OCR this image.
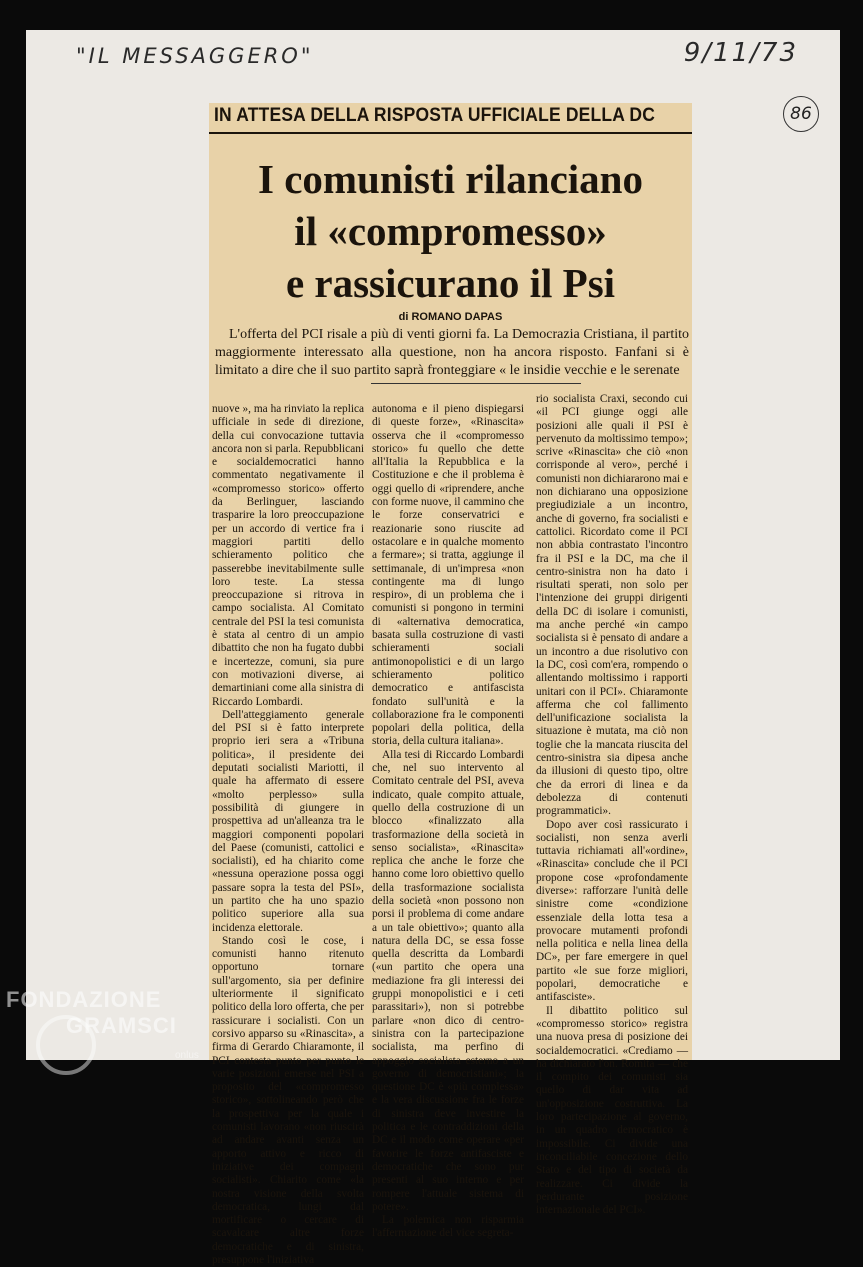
"IL MESSAGGERO"	9/11/73
86
IN ATTESA DELLA RISPOSTA UFFICIALE DELLA DC
I comunisti rilanciano
il «compromesso»
e rassicurano il Psi
di ROMANO DAPAS
L'offerta del PCI risale a più di venti giorni fa. La Democrazia Cristiana, il partito maggiormente interessato alla questione, non ha ancora risposto. Fanfani si è limitato a dire che il suo partito saprà fronteggiare « le insidie vecchie e le serenate

nuove », ma ha rinviato la replica ufficiale in sede di direzione, della cui convocazione tuttavia ancora non si parla. Repubblicani e socialdemocratici hanno commentato negativamente il «compromesso storico» offerto da Berlinguer, lasciando trasparire la loro preoccupazione per un accordo di vertice fra i maggiori partiti dello schieramento politico che passerebbe inevitabilmente sulle loro teste. La stessa preoccupazione si ritrova in campo socialista. Al Comitato centrale del PSI la tesi comunista è stata al centro di un ampio dibattito che non ha fugato dubbi e incertezze, comuni, sia pure con motivazioni diverse, ai demartiniani come alla sinistra di Riccardo Lombardi.

Dell'atteggiamento generale del PSI si è fatto interprete proprio ieri sera a «Tribuna politica», il presidente dei deputati socialisti Mariotti, il quale ha affermato di essere «molto perplesso» sulla possibilità di giungere in prospettiva ad un'alleanza tra le maggiori componenti popolari del Paese (comunisti, cattolici e socialisti), ed ha chiarito come «nessuna operazione possa oggi passare sopra la testa del PSI», un partito che ha uno spazio politico superiore alla sua incidenza elettorale.

Stando così le cose, i comunisti hanno ritenuto opportuno tornare sull'argomento, sia per definire ulteriormente il significato politico della loro offerta, che per rassicurare i socialisti. Con un corsivo apparso su «Rinascita», a firma di Gerardo Chiaramonte, il PCI contesta punto per punto le varie posizioni emerse nel PSI a proposito del «compromesso storico», sottolineando però che la prospettiva per la quale i comunisti lavorano «non riuscirà ad andare avanti senza un apporto attivo e ricco di iniziative dei compagni socialisti». Chiarito come «la nostra visione della svolta democratica, lungi dal mortificare o cercare di scavalcare altre forze democratiche e di sinistra, presuppone l'iniziativa

autonoma e il pieno dispiegarsi di queste forze», «Rinascita» osserva che il «compromesso storico» fu quello che dette all'Italia la Repubblica e la Costituzione e che il problema è oggi quello di «riprendere, anche con forme nuove, il cammino che le forze conservatrici e reazionarie sono riuscite ad ostacolare e in qualche momento a fermare»; si tratta, aggiunge il settimanale, di un'impresa «non contingente ma di lungo respiro», di un problema che i comunisti si pongono in termini di «alternativa democratica, basata sulla costruzione di vasti schieramenti sociali antimonopolistici e di un largo schieramento politico democratico e antifascista fondato sull'unità e la collaborazione fra le componenti popolari della politica, della storia, della cultura italiana».

Alla tesi di Riccardo Lombardi che, nel suo intervento al Comitato centrale del PSI, aveva indicato, quale compito attuale, quello della costruzione di un blocco «finalizzato alla trasformazione della società in senso socialista», «Rinascita» replica che anche le forze che hanno come loro obiettivo quello della trasformazione socialista della società «non possono non porsi il problema di come andare a un tale obiettivo»; quanto alla natura della DC, se essa fosse quella descritta da Lombardi («un partito che opera una mediazione fra gli interessi dei gruppi monopolistici e i ceti parassitari»), non si potrebbe parlare «non dico di centro-sinistra con la partecipazione socialista, ma perfino di appoggio socialista esterno a un governo di democristiani»; la questione DC è «più complessa» e la vera discussione fra le forze di sinistra deve investire la politica e le contraddizioni della DC e il modo come operare «per favorire le forze antifasciste e democratiche che sono pur presenti al suo interno e per rompere l'attuale sistema di potere».

La polemica non risparmia l'affermazione del vice segreta-

rio socialista Craxi, secondo cui «il PCI giunge oggi alle posizioni alle quali il PSI è pervenuto da moltissimo tempo»; scrive «Rinascita» che ciò «non corrisponde al vero», perché i comunisti non dichiararono mai e non dichiarano una opposizione pregiudiziale a un incontro, anche di governo, fra socialisti e cattolici. Ricordato come il PCI non abbia contrastato l'incontro fra il PSI e la DC, ma che il centro-sinistra non ha dato i risultati sperati, non solo per l'intenzione dei gruppi dirigenti della DC di isolare i comunisti, ma anche perché «in campo socialista si è pensato di andare a un incontro a due risolutivo con la DC, così com'era, rompendo o allentando moltissimo i rapporti unitari con il PCI». Chiaramonte afferma che col fallimento dell'unificazione socialista la situazione è mutata, ma ciò non toglie che la mancata riuscita del centro-sinistra sia dipesa anche da illusioni di questo tipo, oltre che da errori di linea e da debolezza di contenuti programmatici».

Dopo aver così rassicurato i socialisti, non senza averli tuttavia richiamati all'«ordine», «Rinascita» conclude che il PCI propone cose «profondamente diverse»: rafforzare l'unità delle sinistre come «condizione essenziale della lotta tesa a provocare mutamenti profondi nella politica e nella linea della DC», per fare emergere in quel partito «le sue forze migliori, popolari, democratiche e antifasciste».

Il dibattito politico sul «compromesso storico» registra una nuova presa di posizione dei socialdemocratici. «Crediamo — ha dichiarato l'on. Romita — che il compito dei comunisti sia quello di dar vita ad un'opposizione costruttiva. La loro partecipazione al governo, in un quadro democratico è impossibile. Ci divide una inconciliabile concezione dello Stato e del tipo di società da realizzare. Ci divide la perdurante posizione internazionale del PCI».

FONDAZIONE
GRAMSCI
onlus
